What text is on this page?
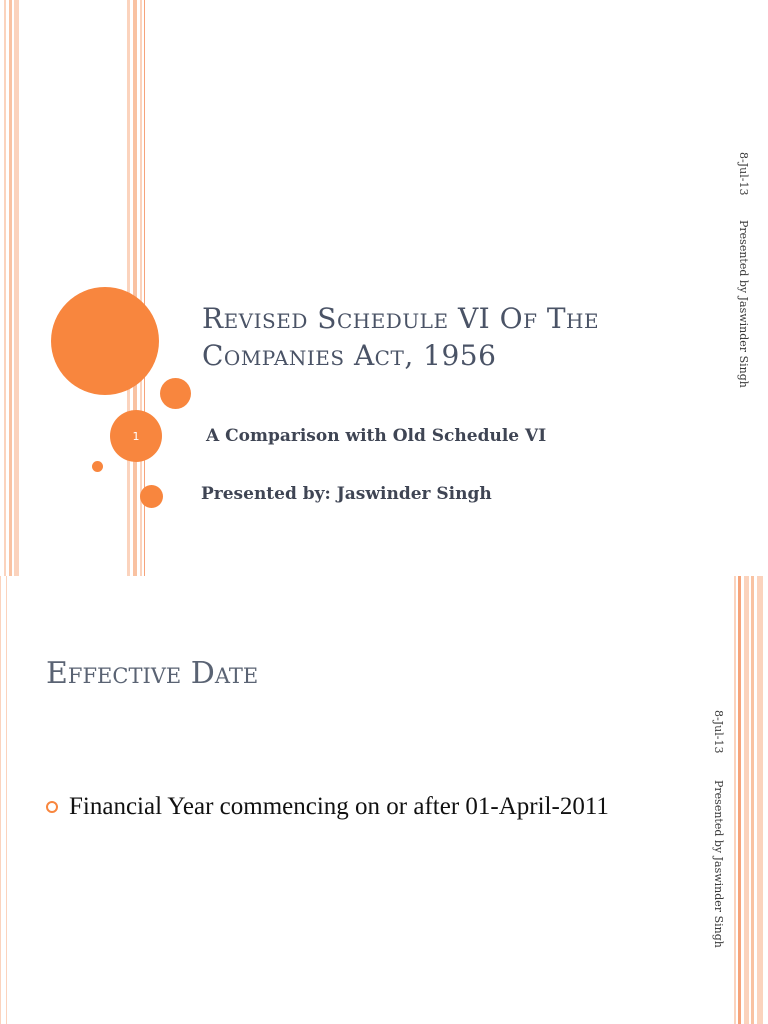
1
Revised Schedule VI Of The Companies Act, 1956
A Comparison with Old Schedule VI
Presented by: Jaswinder Singh
8-Jul-13
Presented by Jaswinder Singh
Effective Date
Financial Year commencing on or after 01-April-2011
8-Jul-13
Presented by Jaswinder Singh
